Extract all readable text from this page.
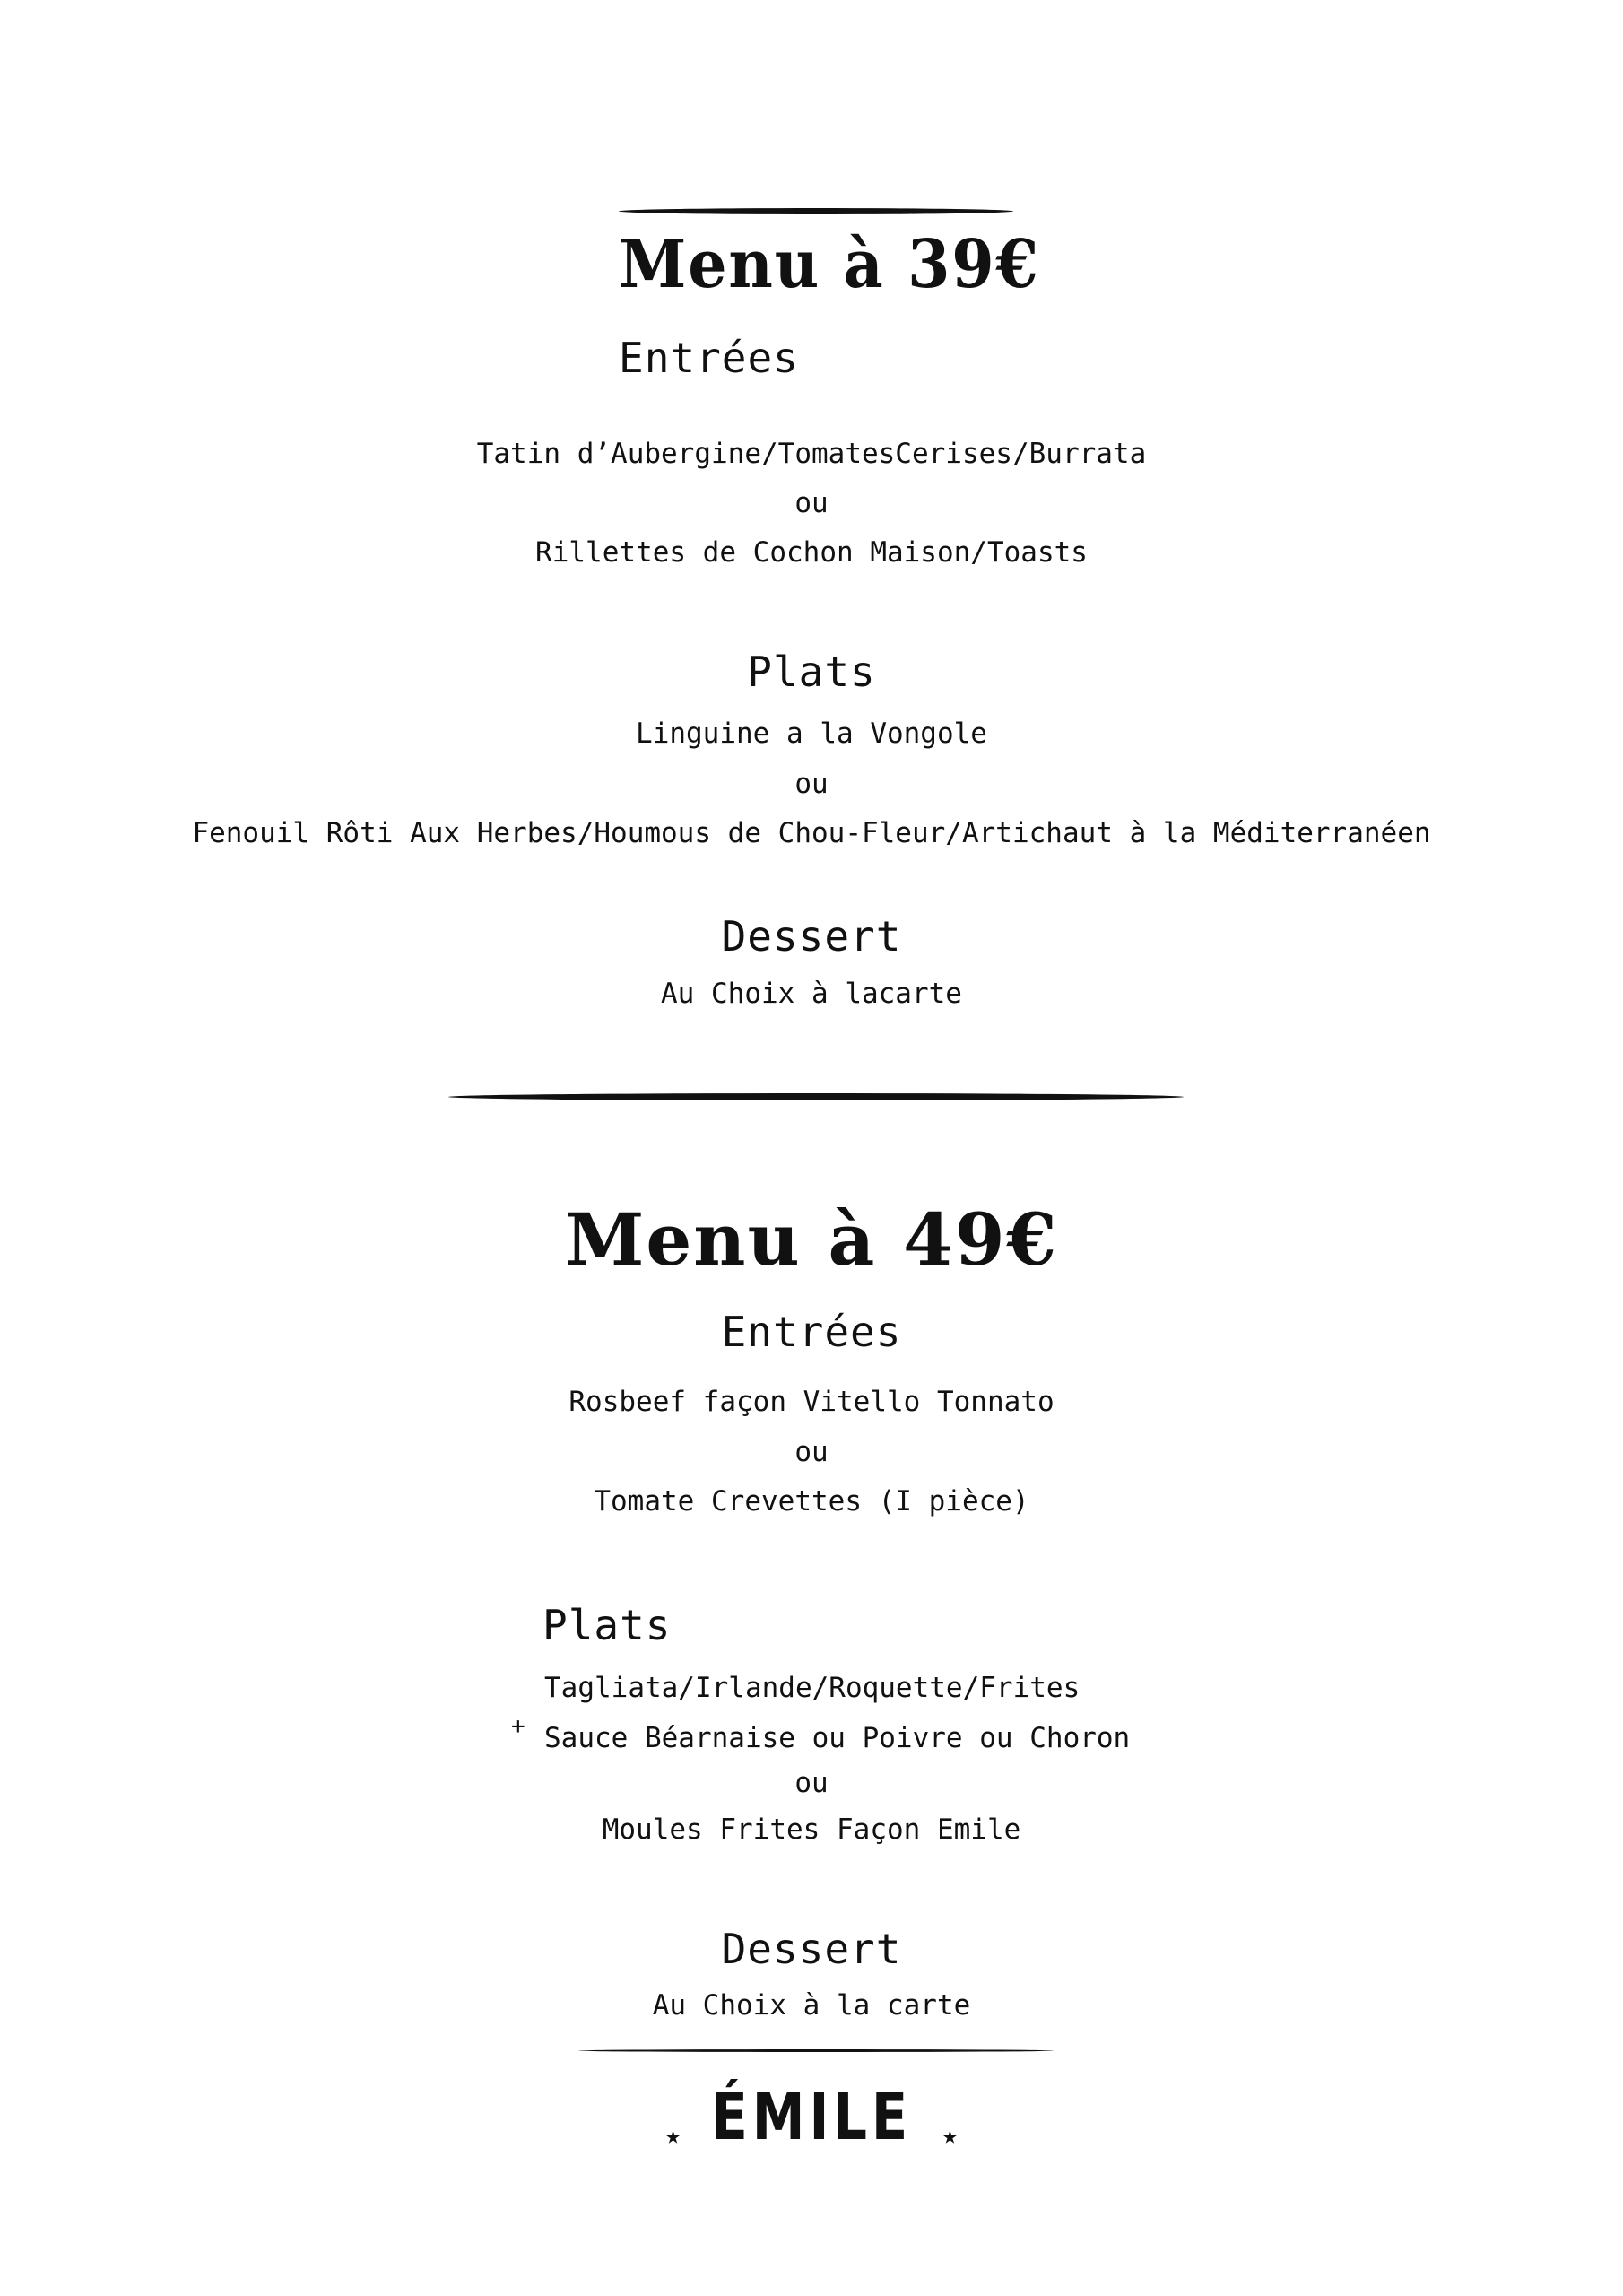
Menu à 39€
Entrées
Tatin d’Aubergine/TomatesCerises/Burrata
ou
Rillettes de Cochon Maison/Toasts
Plats
Linguine a la Vongole
ou
Fenouil Rôti Aux Herbes/Houmous de Chou-Fleur/Artichaut à la Méditerranéen
Dessert
Au Choix à lacarte
Menu à 49€
Entrées
Rosbeef façon Vitello Tonnato
ou
Tomate Crevettes (I pièce)
Plats
Tagliata/Irlande/Roquette/Frites
+ Sauce Béarnaise ou Poivre ou Choron
ou
Moules Frites Façon Emile
Dessert
Au Choix à la carte
★ ÉMILE ★
